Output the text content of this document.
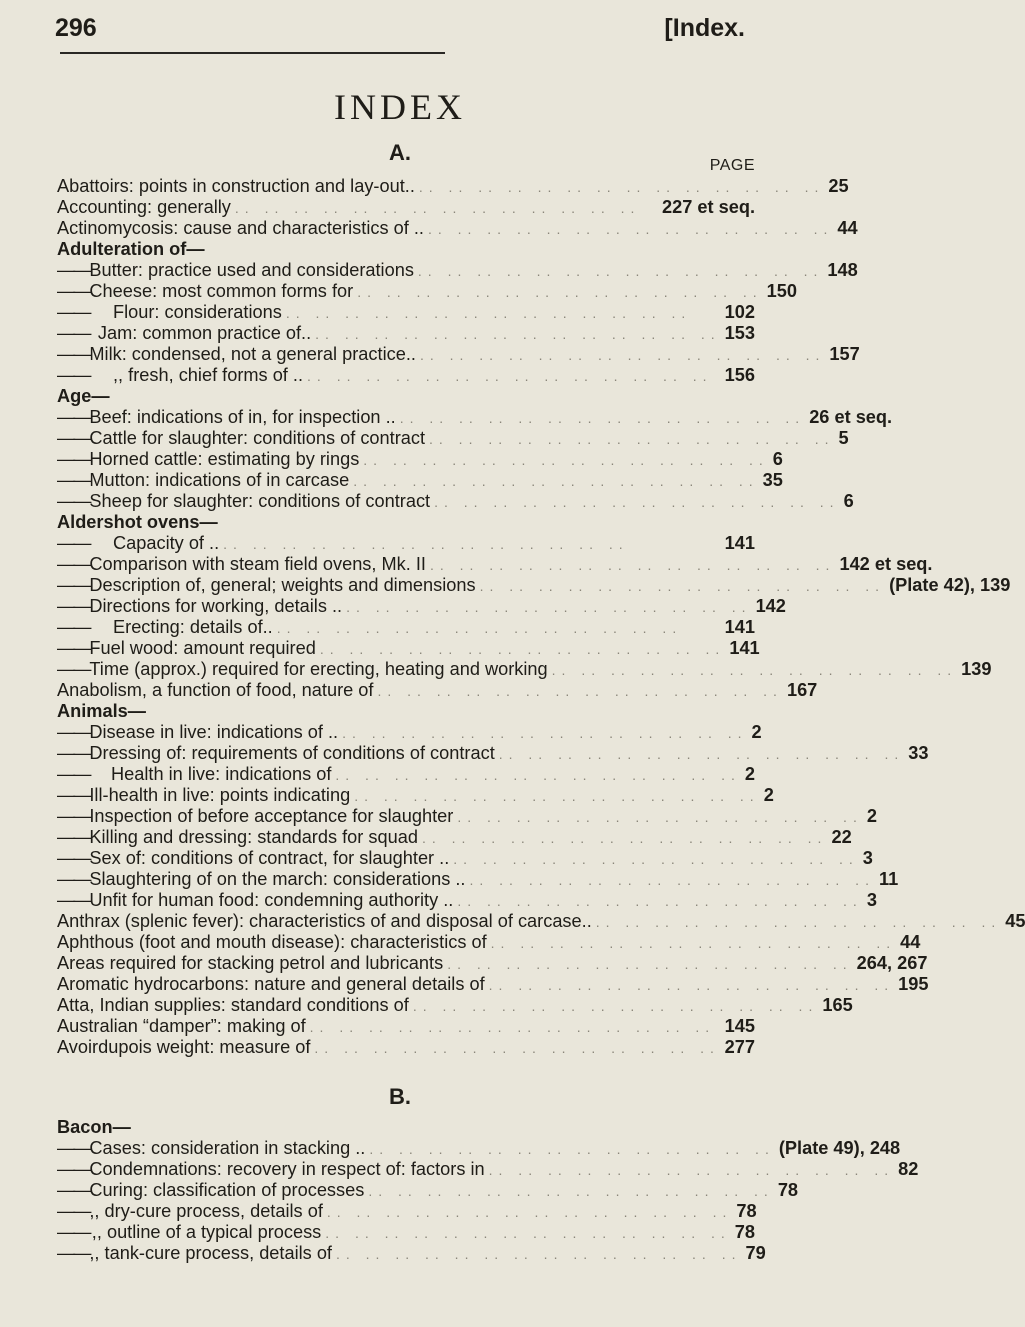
296	[Index.
INDEX
A.
PAGE
Abattoirs: points in construction and lay-out.. .. .. .. .. .. .. .. .. .. .. .. .. .. .. 25
Accounting: generally .. .. .. .. .. .. .. .. .. .. .. .. .. ..	227 et seq.
Actinomycosis: cause and characteristics of .. .. .. .. .. .. .. .. .. .. .. .. .. .. .. 44
Adulteration of—
——
Butter: practice used and considerations .. .. .. .. .. .. .. .. .. .. .. .. .. .. 148
——
Cheese: most common forms for .. .. .. .. .. .. .. .. .. .. .. .. .. .. 150
——
Flour: considerations .. .. .. .. .. .. .. .. .. .. .. .. .. ..	102
——
Jam: common practice of.. .. .. .. .. .. .. .. .. .. .. .. .. .. .. 153
——
Milk: condensed, not a general practice.. .. .. .. .. .. .. .. .. .. .. .. .. .. .. 157
——
,, fresh, chief forms of .. .. .. .. .. .. .. .. .. .. .. .. .. .. .. 156
Age—
——
Beef: indications of in, for inspection .. .. .. .. .. .. .. .. .. .. .. .. .. .. .. 26 et seq.
——
Cattle for slaughter: conditions of contract .. .. .. .. .. .. .. .. .. .. .. .. .. .. 5
——
Horned cattle: estimating by rings .. .. .. .. .. .. .. .. .. .. .. .. .. .. 6
——
Mutton: indications of in carcase .. .. .. .. .. .. .. .. .. .. .. .. .. .. 35
——
Sheep for slaughter: conditions of contract .. .. .. .. .. .. .. .. .. .. .. .. .. .. 6
Aldershot ovens—
——
Capacity of .. .. .. .. .. .. .. .. .. .. .. .. .. .. ..	141
——
Comparison with steam field ovens, Mk. II .. .. .. .. .. .. .. .. .. .. .. .. .. .. 142 et seq.
——
Description of, general; weights and dimensions .. .. .. .. .. .. .. .. .. .. .. .. .. .. (Plate 42), 139
——
Directions for working, details .. .. .. .. .. .. .. .. .. .. .. .. .. .. .. 142
——
Erecting: details of.. .. .. .. .. .. .. .. .. .. .. .. .. .. ..	141
——
Fuel wood: amount required .. .. .. .. .. .. .. .. .. .. .. .. .. .. 141
——
Time (approx.) required for erecting, heating and working .. .. .. .. .. .. .. .. .. .. .. .. .. .. 139
Anabolism, a function of food, nature of .. .. .. .. .. .. .. .. .. .. .. .. .. .. 167
Animals—
——
Disease in live: indications of .. .. .. .. .. .. .. .. .. .. .. .. .. .. .. 2
——
Dressing of: requirements of conditions of contract .. .. .. .. .. .. .. .. .. .. .. .. .. .. 33
——
Health in live: indications of .. .. .. .. .. .. .. .. .. .. .. .. .. .. 2
——
Ill-health in live: points indicating .. .. .. .. .. .. .. .. .. .. .. .. .. .. 2
——
Inspection of before acceptance for slaughter .. .. .. .. .. .. .. .. .. .. .. .. .. .. 2
——
Killing and dressing: standards for squad .. .. .. .. .. .. .. .. .. .. .. .. .. .. 22
——
Sex of: conditions of contract, for slaughter .. .. .. .. .. .. .. .. .. .. .. .. .. .. .. 3
——
Slaughtering of on the march: considerations .. .. .. .. .. .. .. .. .. .. .. .. .. .. .. 11
——
Unfit for human food: condemning authority .. .. .. .. .. .. .. .. .. .. .. .. .. .. .. 3
Anthrax (splenic fever): characteristics of and disposal of carcase.. .. .. .. .. .. .. .. .. .. .. .. .. .. .. 45
Aphthous (foot and mouth disease): characteristics of .. .. .. .. .. .. .. .. .. .. .. .. .. .. 44
Areas required for stacking petrol and lubricants .. .. .. .. .. .. .. .. .. .. .. .. .. .. 264, 267
Aromatic hydrocarbons: nature and general details of .. .. .. .. .. .. .. .. .. .. .. .. .. .. 195
Atta, Indian supplies: standard conditions of .. .. .. .. .. .. .. .. .. .. .. .. .. .. 165
Australian “damper”: making of .. .. .. .. .. .. .. .. .. .. .. .. .. .. 145
Avoirdupois weight: measure of .. .. .. .. .. .. .. .. .. .. .. .. .. .. 277
B.
Bacon—
——
Cases: consideration in stacking .. .. .. .. .. .. .. .. .. .. .. .. .. .. .. (Plate 49), 248
——
Condemnations: recovery in respect of: factors in .. .. .. .. .. .. .. .. .. .. .. .. .. .. 82
——
Curing: classification of processes .. .. .. .. .. .. .. .. .. .. .. .. .. .. 78
——
,, dry-cure process, details of .. .. .. .. .. .. .. .. .. .. .. .. .. .. 78
——
,, outline of a typical process .. .. .. .. .. .. .. .. .. .. .. .. .. .. 78
——
,, tank-cure process, details of .. .. .. .. .. .. .. .. .. .. .. .. .. .. 79
